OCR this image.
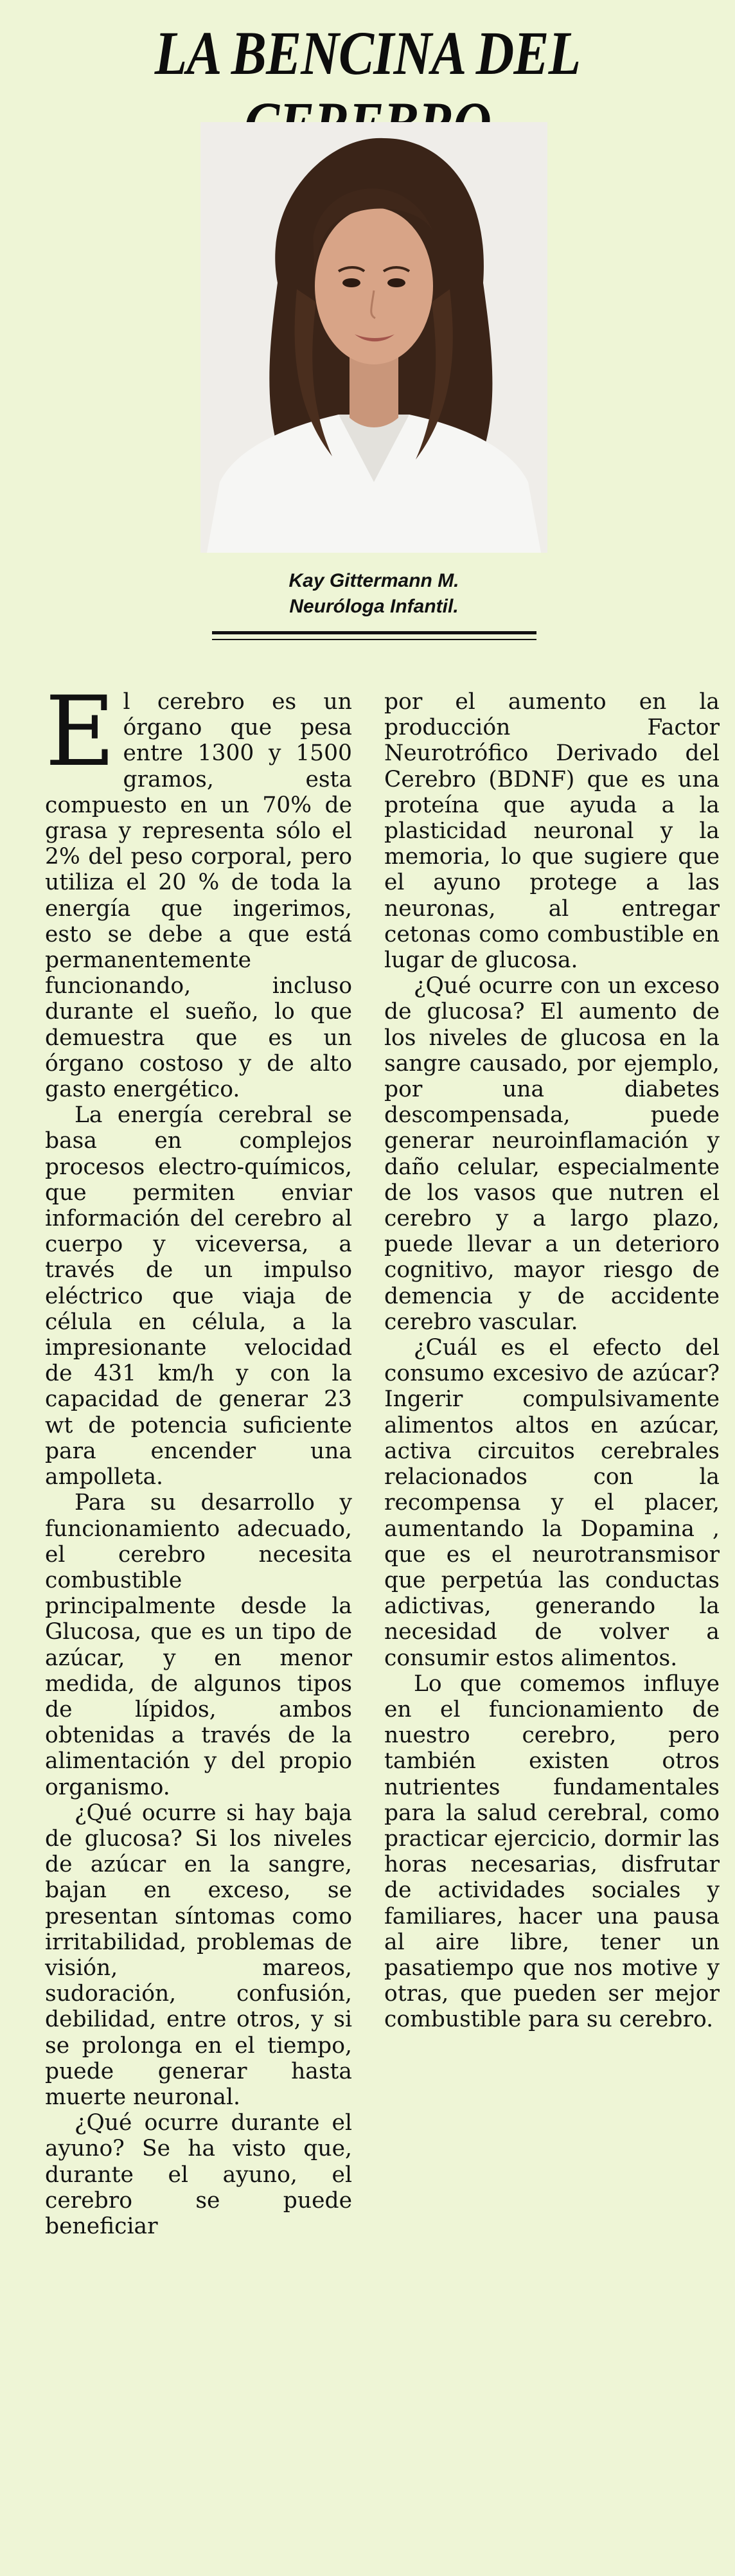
LA BENCINA DEL
Kay Gittermann M.
Neuróloga Infantil.

El cerebro es un órgano que pesa entre 1300 y 1500 gramos, esta compuesto en un 70% de grasa y representa sólo el 2% del peso corporal, pero utiliza el 20 % de toda la energía que ingerimos, esto se debe a que está permanentemente funcionando, incluso durante el sueño, lo que demuestra que es un órgano costoso y de alto gasto energético.

La energía cerebral se basa en complejos procesos electro-químicos, que permiten enviar información del cerebro al cuerpo y viceversa, a través de un impulso eléctrico que viaja de célula en célula, a la impresionante velocidad de 431 km/h y con la capacidad de generar 23 wt de potencia suficiente para encender una ampolleta.

Para su desarrollo y funcionamiento adecuado, el cerebro necesita combustible principalmente desde la Glucosa, que es un tipo de azúcar, y en menor medida, de algunos tipos de lípidos, ambos obtenidas a través de la alimentación y del propio organismo.

¿Qué ocurre si hay baja de glucosa? Si los niveles de azúcar en la sangre, bajan en exceso, se presentan síntomas como irritabilidad, problemas de visión, mareos, sudoración, confusión, debilidad, entre otros, y si se prolonga en el tiempo, puede generar hasta muerte neuronal.

¿Qué ocurre durante el ayuno? Se ha visto que, durante el ayuno, el cerebro se puede beneficiar

por el aumento en la producción Factor Neurotrófico Derivado del Cerebro (BDNF) que es una proteína que ayuda a la plasticidad neuronal y la memoria, lo que sugiere que el ayuno protege a las neuronas, al entregar cetonas como combustible en lugar de glucosa.

¿Qué ocurre con un exceso de glucosa? El aumento de los niveles de glucosa en la sangre causado, por ejemplo, por una diabetes descompensada, puede generar neuroinflamación y daño celular, especialmente de los vasos que nutren el cerebro y a largo plazo, puede llevar a un deterioro cognitivo, mayor riesgo de demencia y de accidente cerebro vascular.

¿Cuál es el efecto del consumo excesivo de azúcar? Ingerir compulsivamente alimentos altos en azúcar, activa circuitos cerebrales relacionados con la recompensa y el placer, aumentando la Dopamina , que es el neurotransmisor que perpetúa las conductas adictivas, generando la necesidad de volver a consumir estos alimentos.

Lo que comemos influye en el funcionamiento de nuestro cerebro, pero también existen otros nutrientes fundamentales para la salud cerebral, como practicar ejercicio, dormir las horas necesarias, disfrutar de actividades sociales y familiares, hacer una pausa al aire libre, tener un pasatiempo que nos motive y otras, que pueden ser mejor combustible para su cerebro.
